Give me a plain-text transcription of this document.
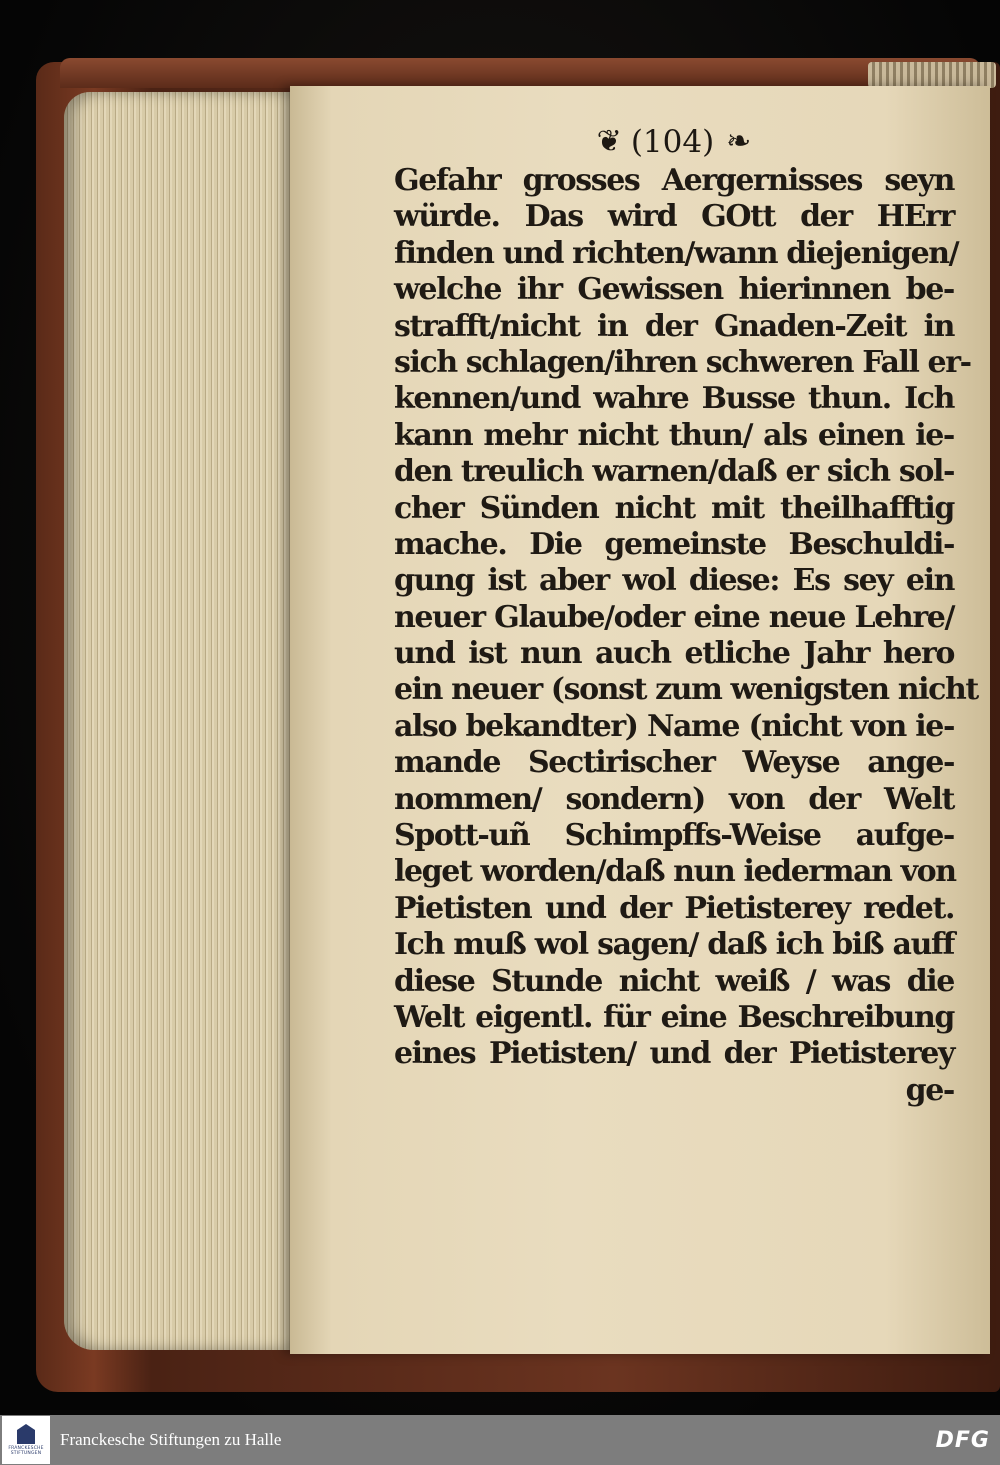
❦ (104) ❧
Gefahr grosses Aergernisses seyn
würde. Das wird GOtt der HErr
finden und richten/wann diejenigen/
welche ihr Gewissen hierinnen be-
strafft/nicht in der Gnaden-Zeit in
sich schlagen/ihren schweren Fall er-
kennen/und wahre Busse thun. Ich
kann mehr nicht thun/ als einen ie-
den treulich warnen/daß er sich sol-
cher Sünden nicht mit theilhafftig
mache. Die gemeinste Beschuldi-
gung ist aber wol diese: Es sey ein
neuer Glaube/oder eine neue Lehre/
und ist nun auch etliche Jahr hero
ein neuer (sonst zum wenigsten nicht
also bekandter) Name (nicht von ie-
mande Sectirischer Weyse ange-
nommen/ sondern) von der Welt
Spott-uñ Schimpffs-Weise aufge-
leget worden/daß nun iederman von
Pietisten und der Pietisterey redet.
Ich muß wol sagen/ daß ich biß auff
diese Stunde nicht weiß / was die
Welt eigentl. für eine Beschreibung
eines Pietisten/ und der Pietisterey
ge-
FRANCKESCHE
STIFTUNGEN
Franckesche Stiftungen zu Halle	DFG
